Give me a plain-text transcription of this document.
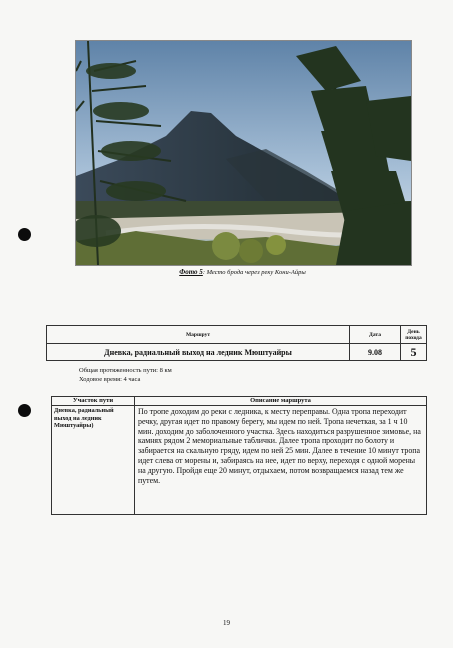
Фото 5: Место брода через реку Кони-Айры
Маршрут	Дата	День похода
Дневка, радиальный выход на ледник Мюштуайры	9.08	5
Общая протяженность пути: 8 км
Ходовое время: 4 часа
Участок пути	Описание маршрута
Дневка, радиальный выход на ледник Мюштуайры)	По тропе доходим до реки с ледника, к месту переправы. Одна тропа переходит речку, другая идет по правому берегу, мы идем по ней. Тропа нечеткая, за 1 ч 10 мин. доходим до заболоченного участка. Здесь находиться разрушенное зимовье, на камнях рядом 2 мемориальные таблички. Далее тропа проходит по болоту и забирается на скальную гряду, идем по ней 25 мин. Далее в течение 10 минут тропа идет слева от морены и, забираясь на нее, идет по верху, переходя с одной морены на другую. Пройдя еще 20 минут, отдыхаем, потом возвращаемся назад тем же путем.
19
